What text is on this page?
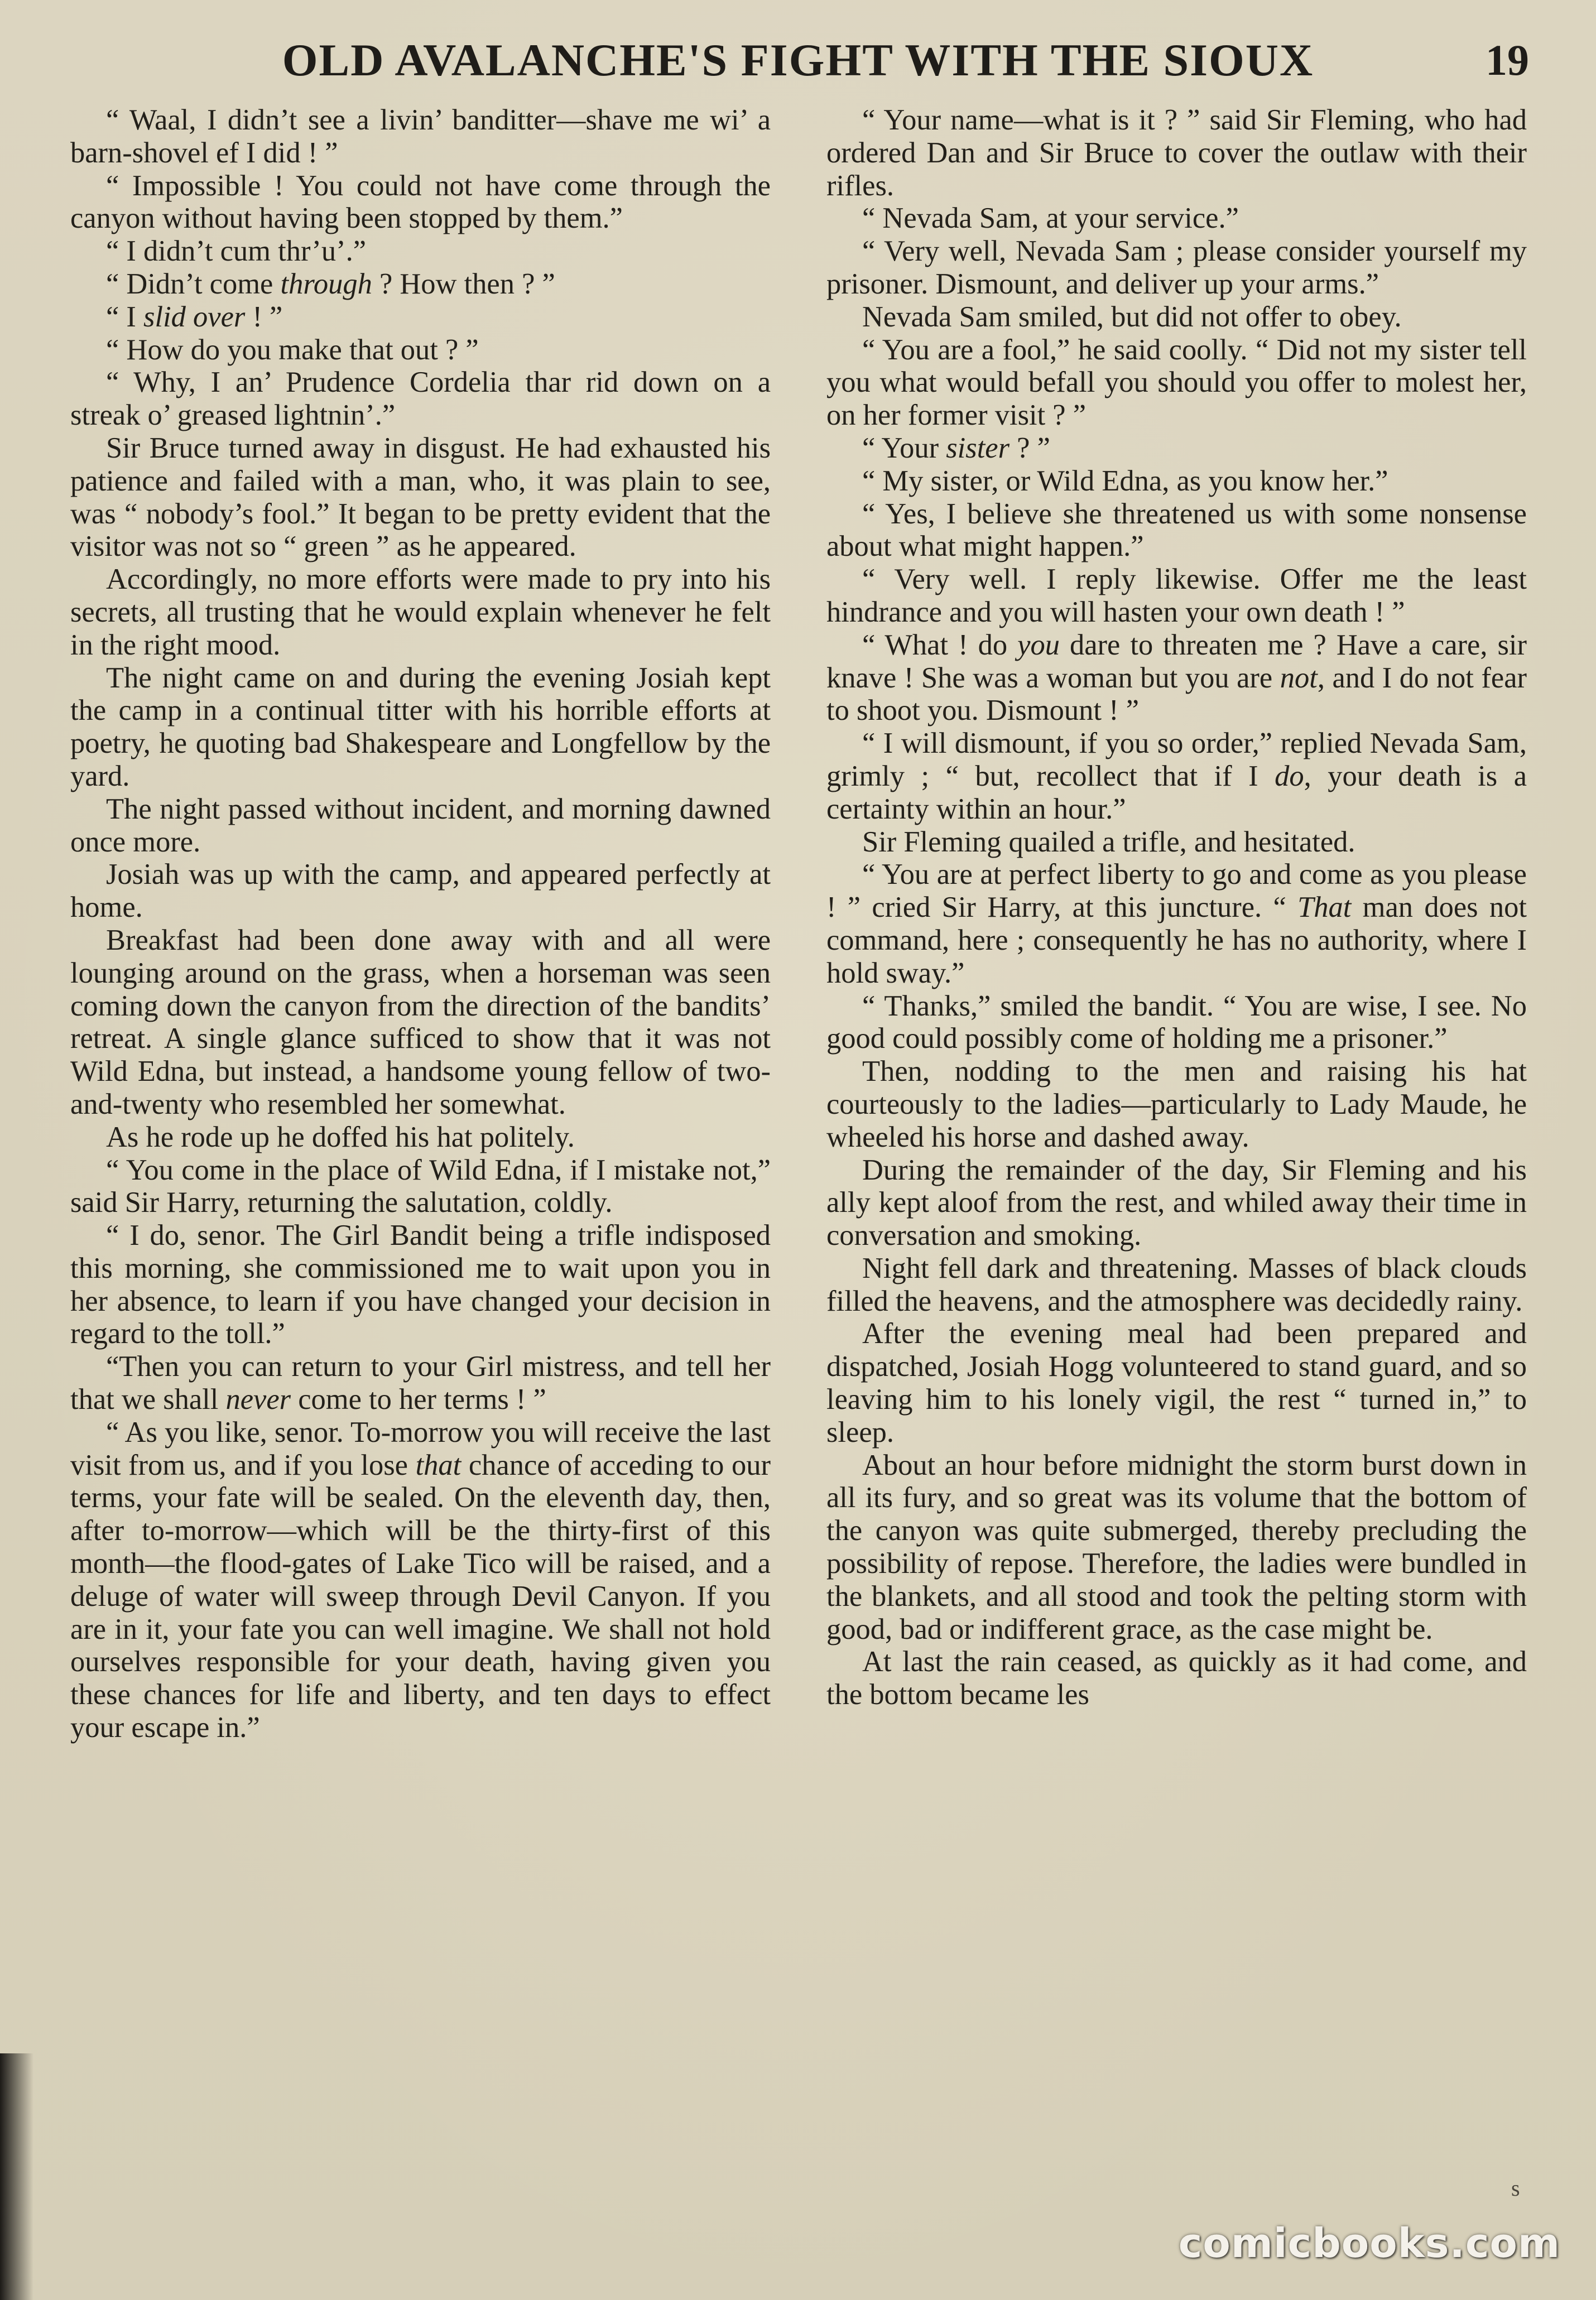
OLD AVALANCHE'S FIGHT WITH THE SIOUX	19

“ Waal, I didn’t see a livin’ banditter—shave me wi’ a barn-shovel ef I did ! ”

“ Impossible ! You could not have come through the canyon without having been stopped by them.”

“ I didn’t cum thr’u’.”

“ Didn’t come through ? How then ? ”

“ I slid over ! ”

“ How do you make that out ? ”

“ Why, I an’ Prudence Cordelia thar rid down on a streak o’ greased lightnin’.”

Sir Bruce turned away in disgust. He had exhausted his patience and failed with a man, who, it was plain to see, was “ nobody’s fool.” It began to be pretty evident that the visitor was not so “ green ” as he appeared.

Accordingly, no more efforts were made to pry into his secrets, all trusting that he would explain whenever he felt in the right mood.

The night came on and during the evening Josiah kept the camp in a continual titter with his horrible efforts at poetry, he quoting bad Shakespeare and Longfellow by the yard.

The night passed without incident, and morning dawned once more.

Josiah was up with the camp, and appeared perfectly at home.

Breakfast had been done away with and all were lounging around on the grass, when a horseman was seen coming down the canyon from the direction of the bandits’ retreat. A single glance sufficed to show that it was not Wild Edna, but instead, a handsome young fellow of two-and-twenty who resembled her somewhat.

As he rode up he doffed his hat politely.

“ You come in the place of Wild Edna, if I mistake not,” said Sir Harry, returning the salutation, coldly.

“ I do, senor. The Girl Bandit being a trifle indisposed this morning, she commissioned me to wait upon you in her absence, to learn if you have changed your decision in regard to the toll.”

“Then you can return to your Girl mistress, and tell her that we shall never come to her terms ! ”

“ As you like, senor. To-morrow you will receive the last visit from us, and if you lose that chance of acceding to our terms, your fate will be sealed. On the eleventh day, then, after to-morrow—which will be the thirty-first of this month—the flood-gates of Lake Tico will be raised, and a deluge of water will sweep through Devil Canyon. If you are in it, your fate you can well imagine. We shall not hold ourselves responsible for your death, having given you these chances for life and liberty, and ten days to effect your escape in.”

“ Your name—what is it ? ” said Sir Fleming, who had ordered Dan and Sir Bruce to cover the outlaw with their rifles.

“ Nevada Sam, at your service.”

“ Very well, Nevada Sam ; please consider yourself my prisoner. Dismount, and deliver up your arms.”

Nevada Sam smiled, but did not offer to obey.

“ You are a fool,” he said coolly. “ Did not my sister tell you what would befall you should you offer to molest her, on her former visit ? ”

“ Your sister ? ”

“ My sister, or Wild Edna, as you know her.”

“ Yes, I believe she threatened us with some nonsense about what might happen.”

“ Very well. I reply likewise. Offer me the least hindrance and you will hasten your own death ! ”

“ What ! do you dare to threaten me ? Have a care, sir knave ! She was a woman but you are not, and I do not fear to shoot you. Dismount ! ”

“ I will dismount, if you so order,” replied Nevada Sam, grimly ; “ but, recollect that if I do, your death is a certainty within an hour.”

Sir Fleming quailed a trifle, and hesitated.

“ You are at perfect liberty to go and come as you please ! ” cried Sir Harry, at this juncture. “ That man does not command, here ; consequently he has no authority, where I hold sway.”

“ Thanks,” smiled the bandit. “ You are wise, I see. No good could possibly come of holding me a prisoner.”

Then, nodding to the men and raising his hat courteously to the ladies—particularly to Lady Maude, he wheeled his horse and dashed away.

During the remainder of the day, Sir Fleming and his ally kept aloof from the rest, and whiled away their time in conversation and smoking.

Night fell dark and threatening. Masses of black clouds filled the heavens, and the atmosphere was decidedly rainy.

After the evening meal had been prepared and dispatched, Josiah Hogg volunteered to stand guard, and so leaving him to his lonely vigil, the rest “ turned in,” to sleep.

About an hour before midnight the storm burst down in all its fury, and so great was its volume that the bottom of the canyon was quite submerged, thereby precluding the possibility of repose. Therefore, the ladies were bundled in the blankets, and all stood and took the pelting storm with good, bad or indifferent grace, as the case might be.

At last the rain ceased, as quickly as it had come, and the bottom became les

s
comicbooks.com
